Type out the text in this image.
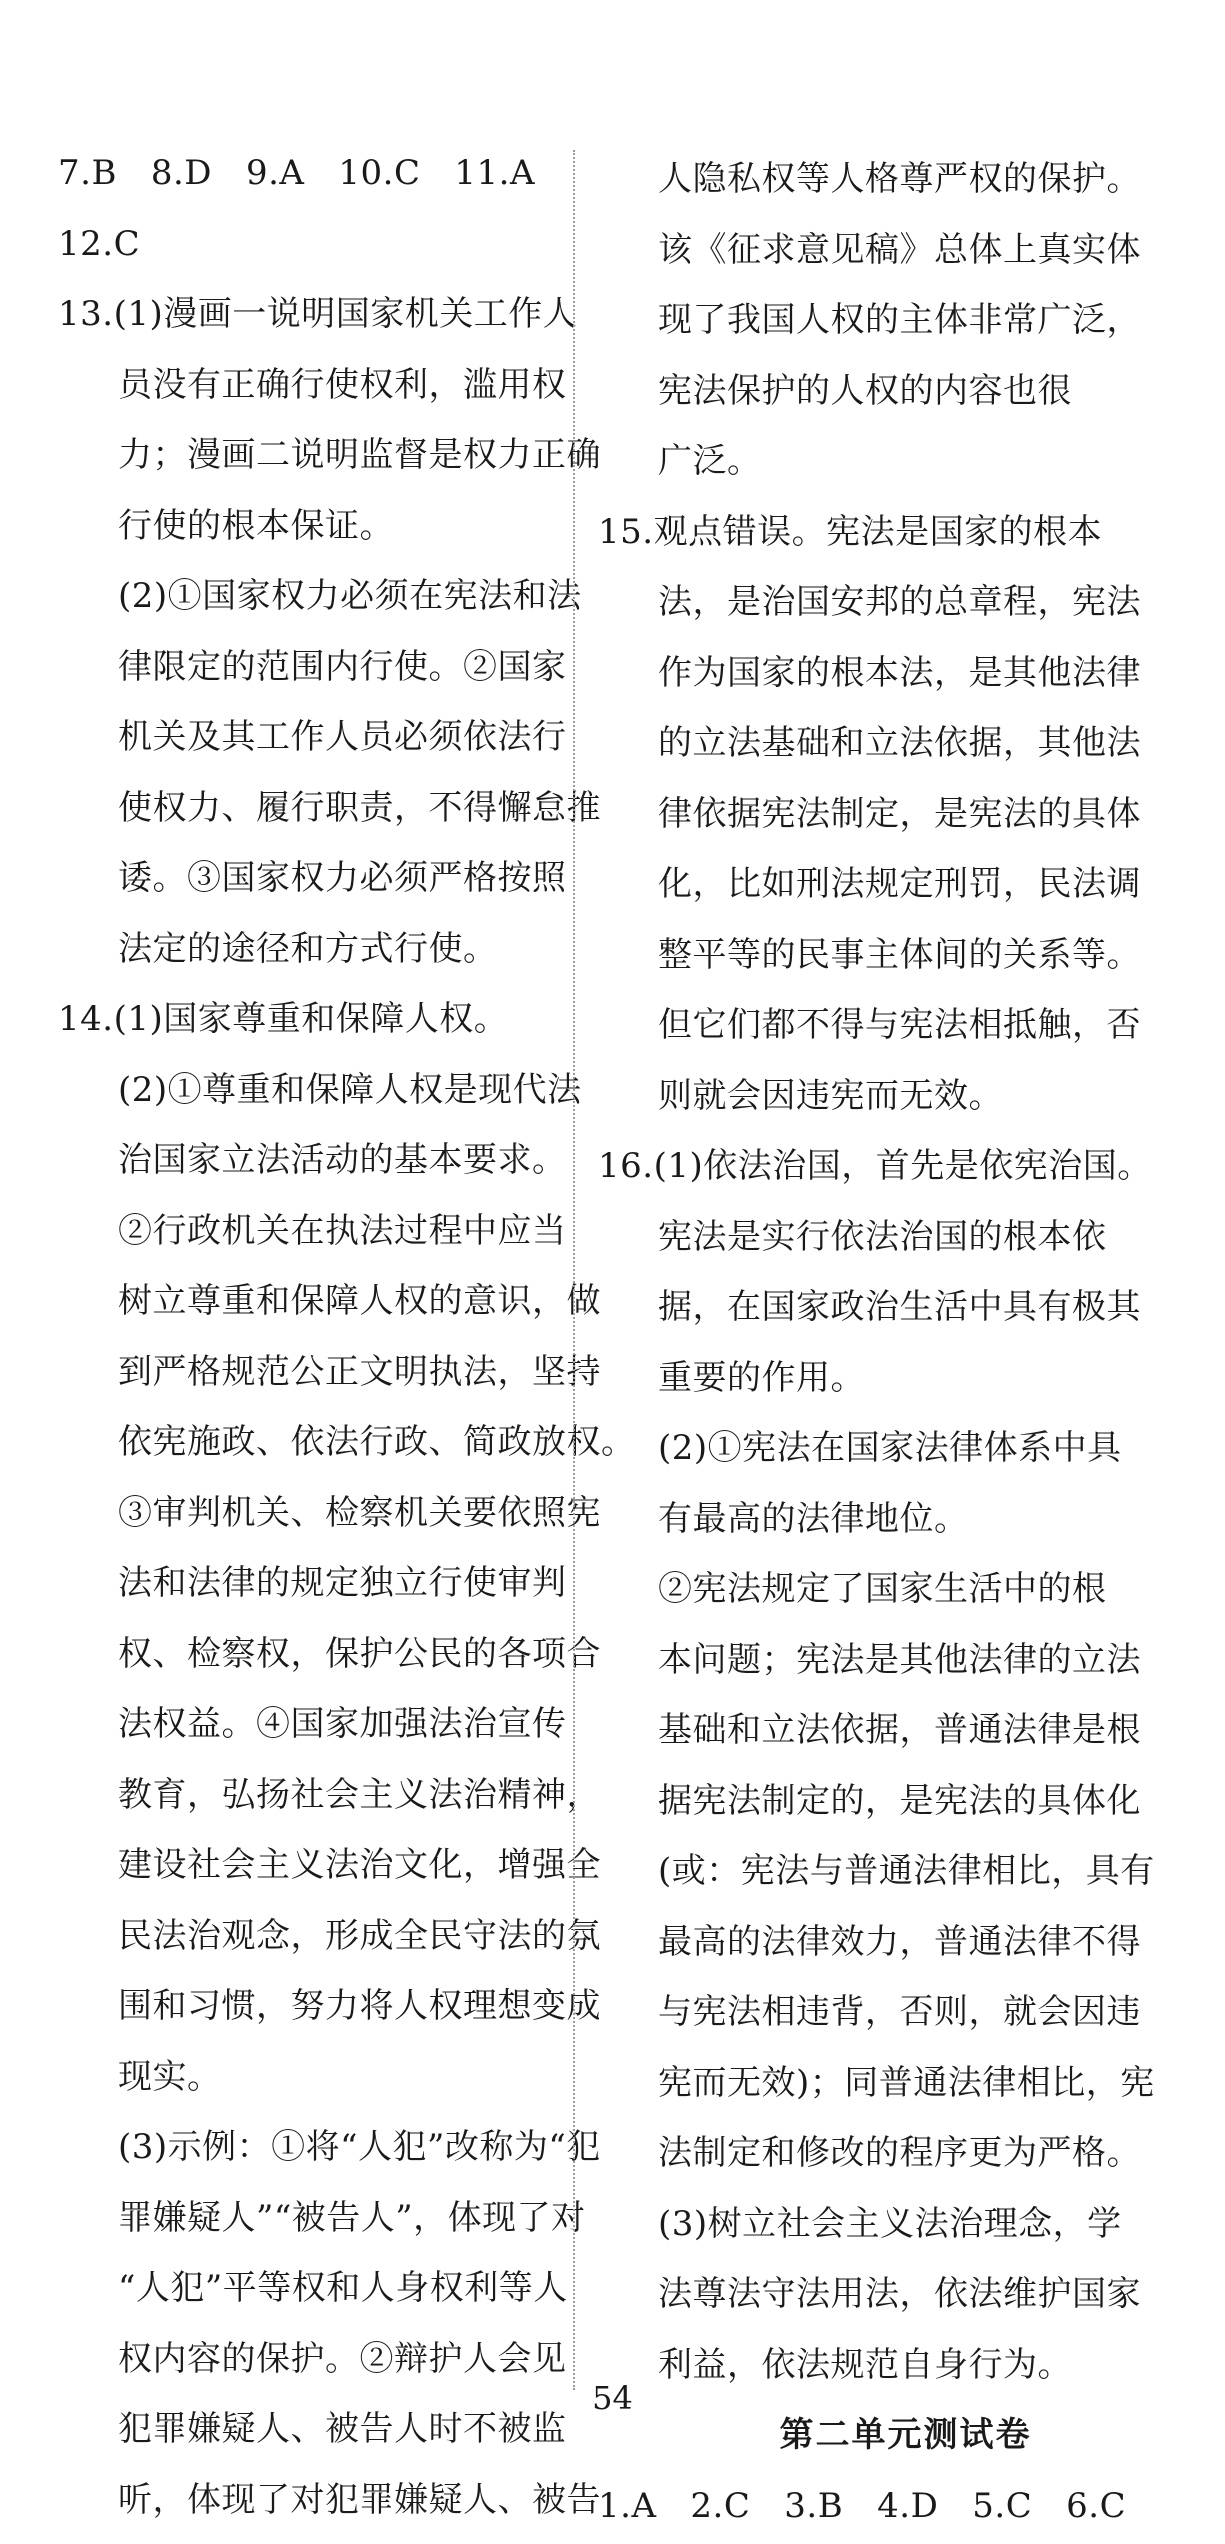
7.B   8.D   9.A   10.C   11.A
12.C
13.(1)漫画一说明国家机关工作人
员没有正确行使权利，滥用权
力；漫画二说明监督是权力正确
行使的根本保证。
(2)①国家权力必须在宪法和法
律限定的范围内行使。②国家
机关及其工作人员必须依法行
使权力、履行职责，不得懈怠推
诿。③国家权力必须严格按照
法定的途径和方式行使。
14.(1)国家尊重和保障人权。
(2)①尊重和保障人权是现代法
治国家立法活动的基本要求。
②行政机关在执法过程中应当
树立尊重和保障人权的意识，做
到严格规范公正文明执法，坚持
依宪施政、依法行政、简政放权。
③审判机关、检察机关要依照宪
法和法律的规定独立行使审判
权、检察权，保护公民的各项合
法权益。④国家加强法治宣传
教育，弘扬社会主义法治精神，
建设社会主义法治文化，增强全
民法治观念，形成全民守法的氛
围和习惯，努力将人权理想变成
现实。
(3)示例：①将“人犯”改称为“犯
罪嫌疑人”“被告人”，体现了对
“人犯”平等权和人身权利等人
权内容的保护。②辩护人会见
犯罪嫌疑人、被告人时不被监
听，体现了对犯罪嫌疑人、被告
人隐私权等人格尊严权的保护。
该《征求意见稿》总体上真实体
现了我国人权的主体非常广泛，
宪法保护的人权的内容也很
广泛。
15.观点错误。宪法是国家的根本
法，是治国安邦的总章程，宪法
作为国家的根本法，是其他法律
的立法基础和立法依据，其他法
律依据宪法制定，是宪法的具体
化，比如刑法规定刑罚，民法调
整平等的民事主体间的关系等。
但它们都不得与宪法相抵触，否
则就会因违宪而无效。
16.(1)依法治国，首先是依宪治国。
宪法是实行依法治国的根本依
据，在国家政治生活中具有极其
重要的作用。
(2)①宪法在国家法律体系中具
有最高的法律地位。
②宪法规定了国家生活中的根
本问题；宪法是其他法律的立法
基础和立法依据，普通法律是根
据宪法制定的，是宪法的具体化
(或：宪法与普通法律相比，具有
最高的法律效力，普通法律不得
与宪法相违背，否则，就会因违
宪而无效)；同普通法律相比，宪
法制定和修改的程序更为严格。
(3)树立社会主义法治理念，学
法尊法守法用法，依法维护国家
利益，依法规范自身行为。
第二单元测试卷
1.A   2.C   3.B   4.D   5.C   6.C
54
